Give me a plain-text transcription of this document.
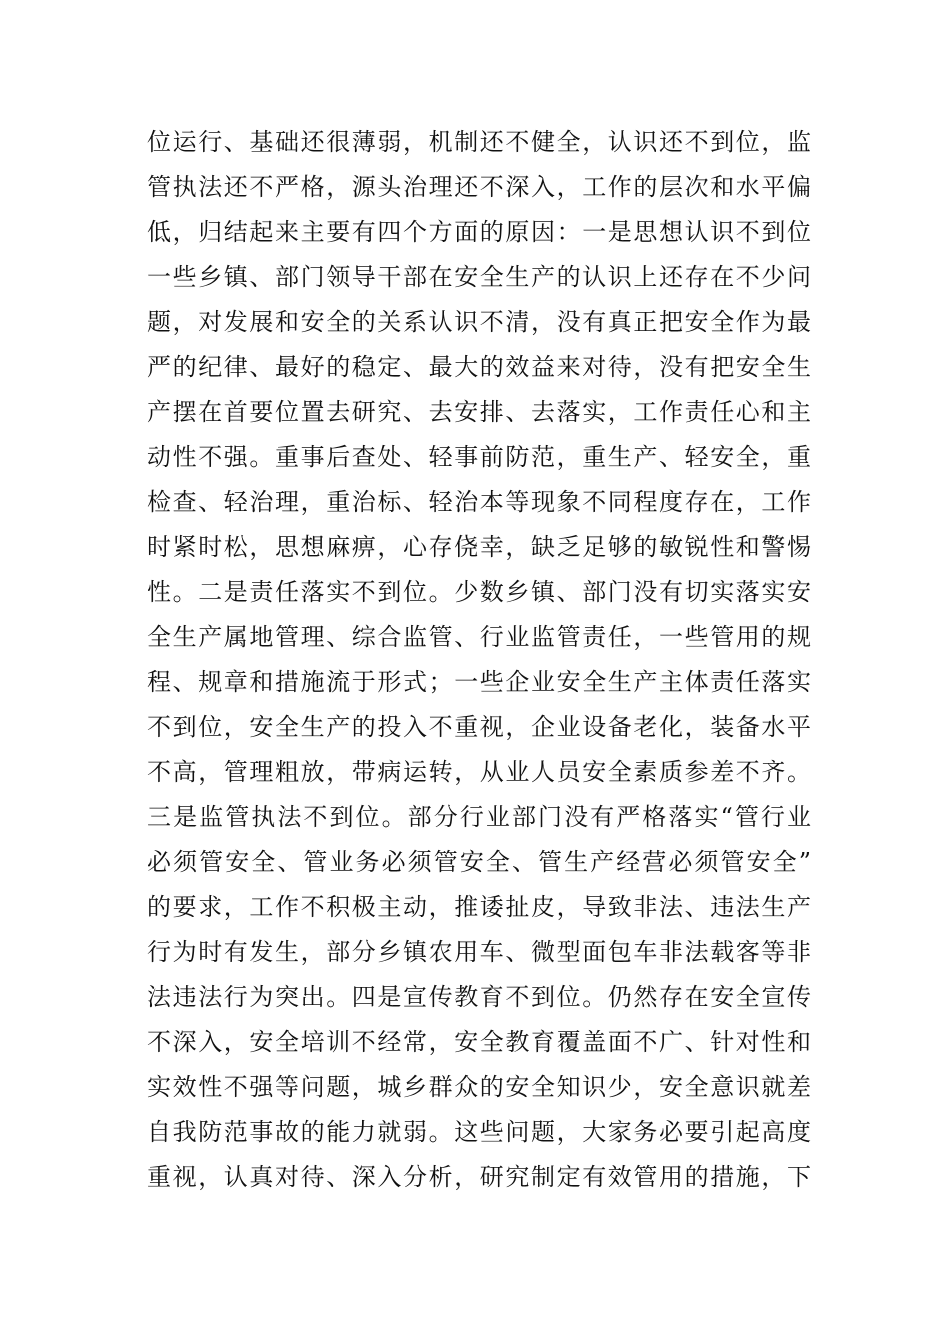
位运行、基础还很薄弱，机制还不健全，认识还不到位，监
管执法还不严格，源头治理还不深入，工作的层次和水平偏
低，归结起来主要有四个方面的原因：一是思想认识不到位
一些乡镇、部门领导干部在安全生产的认识上还存在不少问
题，对发展和安全的关系认识不清，没有真正把安全作为最
严的纪律、最好的稳定、最大的效益来对待，没有把安全生
产摆在首要位置去研究、去安排、去落实，工作责任心和主
动性不强。重事后查处、轻事前防范，重生产、轻安全，重
检查、轻治理，重治标、轻治本等现象不同程度存在，工作
时紧时松，思想麻痹，心存侥幸，缺乏足够的敏锐性和警惕
性。二是责任落实不到位。少数乡镇、部门没有切实落实安
全生产属地管理、综合监管、行业监管责任，一些管用的规
程、规章和措施流于形式；一些企业安全生产主体责任落实
不到位，安全生产的投入不重视，企业设备老化，装备水平
不高，管理粗放，带病运转，从业人员安全素质参差不齐。
三是监管执法不到位。部分行业部门没有严格落实“管行业
必须管安全、管业务必须管安全、管生产经营必须管安全”
的要求，工作不积极主动，推诿扯皮，导致非法、违法生产
行为时有发生，部分乡镇农用车、微型面包车非法载客等非
法违法行为突出。四是宣传教育不到位。仍然存在安全宣传
不深入，安全培训不经常，安全教育覆盖面不广、针对性和
实效性不强等问题，城乡群众的安全知识少，安全意识就差
自我防范事故的能力就弱。这些问题，大家务必要引起高度
重视，认真对待、深入分析，研究制定有效管用的措施，下
